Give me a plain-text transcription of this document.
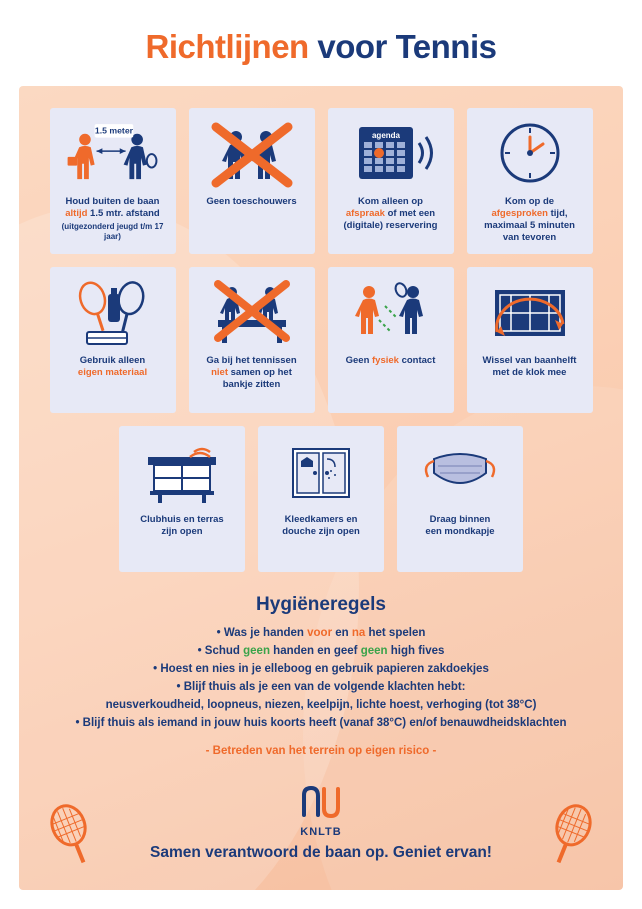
Richtlijnen voor Tennis
1.5 meter
Houd buiten de baan
altijd 1.5 mtr. afstand
(uitgezonderd jeugd t/m 17 jaar)
Geen toeschouwers
agenda
Kom alleen op
afspraak of met een
(digitale) reservering
Kom op de
afgesproken tijd,
maximaal 5 minuten
van tevoren
Gebruik alleen
eigen materiaal
Ga bij het tennissen
niet samen op het
bankje zitten
Geen fysiek contact	Wissel van baanhelft
met de klok mee
Clubhuis en terras
zijn open
Kleedkamers en
douche zijn open
Draag binnen
een mondkapje
Hygiëneregels

• Was je handen voor en na het spelen

• Schud geen handen en geef geen high fives

• Hoest en nies in je elleboog en gebruik papieren zakdoekjes

• Blijf thuis als je een van de volgende klachten hebt:

neusverkoudheid, loopneus, niezen, keelpijn, lichte hoest, verhoging (tot 38°C)

• Blijf thuis als iemand in jouw huis koorts heeft (vanaf 38°C) en/of benauwdheidsklachten

- Betreden van het terrein op eigen risico -
KNLTB
Samen verantwoord de baan op. Geniet ervan!
